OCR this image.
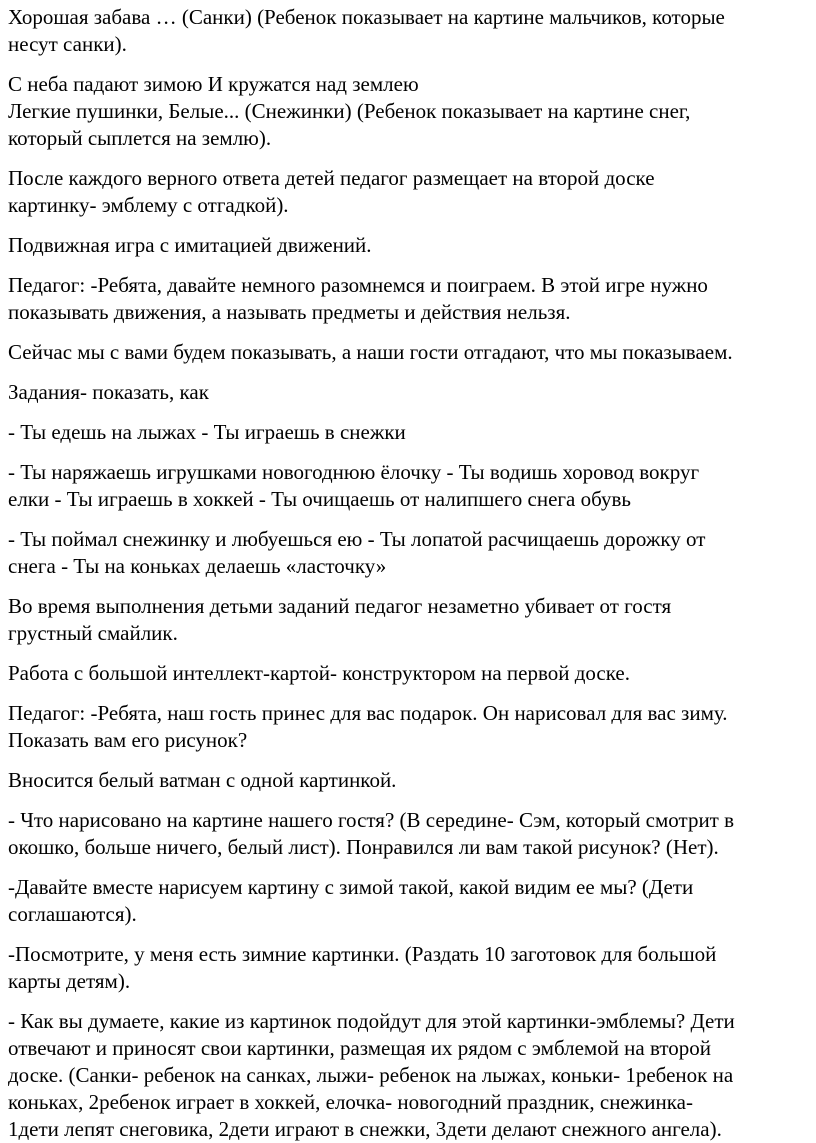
Хорошая забава … (Санки) (Ребенок показывает на картине мальчиков, которые
несут санки).

С неба падают зимою И кружатся над землею
Легкие пушинки, Белые... (Снежинки) (Ребенок показывает на картине снег,
который сыплется на землю).

После каждого верного ответа детей педагог размещает на второй доске
картинку- эмблему с отгадкой).

Подвижная игра с имитацией движений.

Педагог: -Ребята, давайте немного разомнемся и поиграем. В этой игре нужно
показывать движения, а называть предметы и действия нельзя.

Сейчас мы с вами будем показывать, а наши гости отгадают, что мы показываем.

Задания- показать, как

- Ты едешь на лыжах - Ты играешь в снежки

- Ты наряжаешь игрушками новогоднюю ёлочку - Ты водишь хоровод вокруг
елки - Ты играешь в хоккей - Ты очищаешь от налипшего снега обувь

- Ты поймал снежинку и любуешься ею - Ты лопатой расчищаешь дорожку от
снега - Ты на коньках делаешь «ласточку»

Во время выполнения детьми заданий педагог незаметно убивает от гостя
грустный смайлик.

Работа с большой интеллект-картой- конструктором на первой доске.

Педагог: -Ребята, наш гость принес для вас подарок. Он нарисовал для вас зиму.
Показать вам его рисунок?

Вносится белый ватман с одной картинкой.

- Что нарисовано на картине нашего гостя? (В середине- Сэм, который смотрит в
окошко, больше ничего, белый лист). Понравился ли вам такой рисунок? (Нет).

-Давайте вместе нарисуем картину с зимой такой, какой видим ее мы? (Дети
соглашаются).

-Посмотрите, у меня есть зимние картинки. (Раздать 10 заготовок для большой
карты детям).

- Как вы думаете, какие из картинок подойдут для этой картинки-эмблемы? Дети
отвечают и приносят свои картинки, размещая их рядом с эмблемой на второй
доске. (Санки- ребенок на санках, лыжи- ребенок на лыжах, коньки- 1ребенок на
коньках, 2ребенок играет в хоккей, елочка- новогодний праздник, снежинка-
1дети лепят снеговика, 2дети играют в снежки, 3дети делают снежного ангела).
